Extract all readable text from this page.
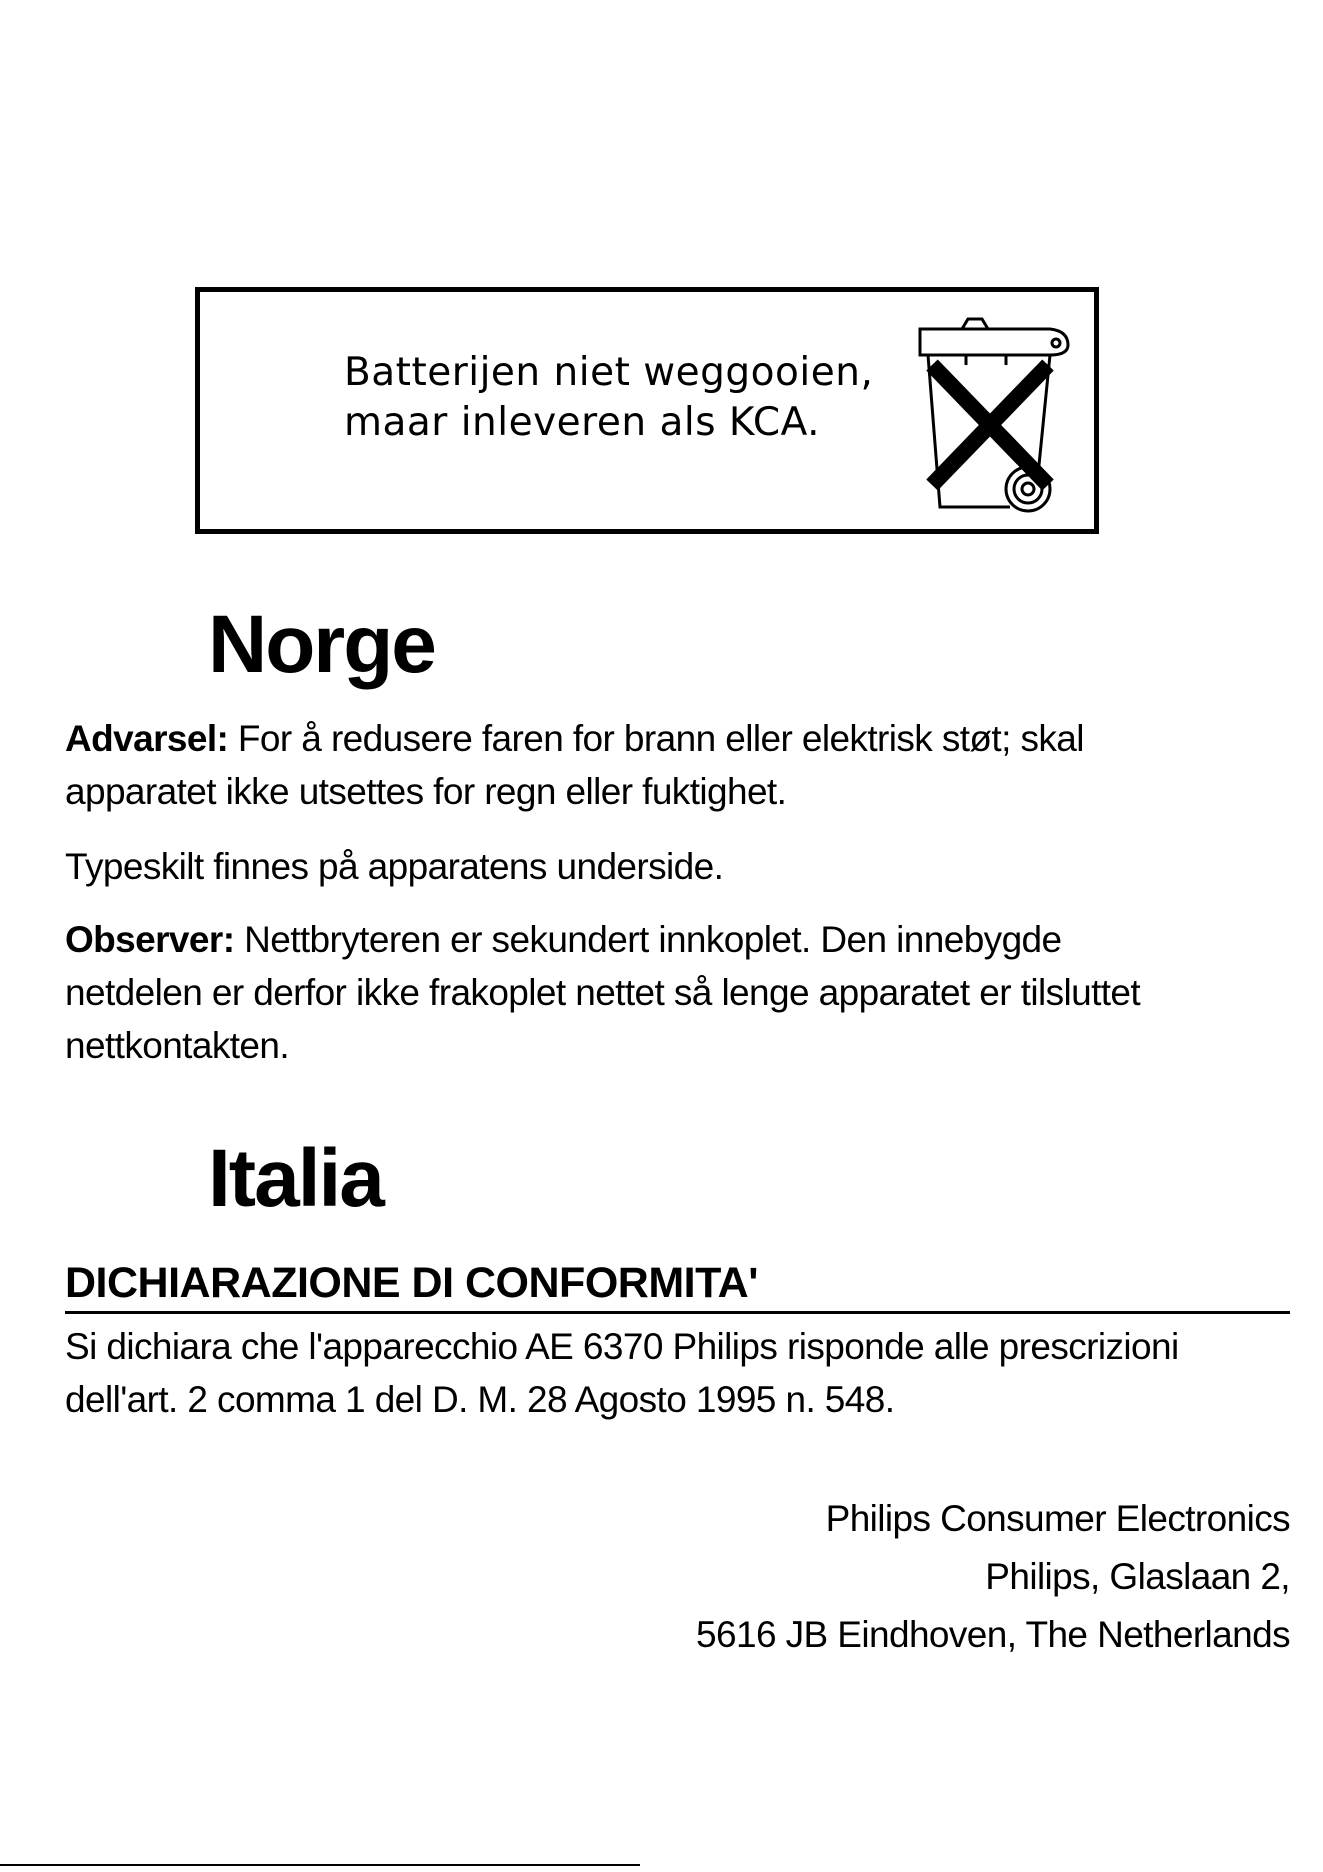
Batterijen niet weggooien,
maar inleveren als KCA.
Norge
Advarsel: For å redusere faren for brann eller elektrisk støt; skal
apparatet ikke utsettes for regn eller fuktighet.
Typeskilt finnes på apparatens underside.
Observer: Nettbryteren er sekundert innkoplet. Den innebygde
netdelen er derfor ikke frakoplet nettet så lenge apparatet er tilsluttet
nettkontakten.
Italia
DICHIARAZIONE DI CONFORMITA'
Si dichiara che l'apparecchio AE 6370 Philips risponde alle prescrizioni
dell'art. 2 comma 1 del D. M. 28 Agosto 1995 n. 548.
Philips Consumer Electronics
Philips, Glaslaan 2,
5616 JB Eindhoven, The Netherlands
